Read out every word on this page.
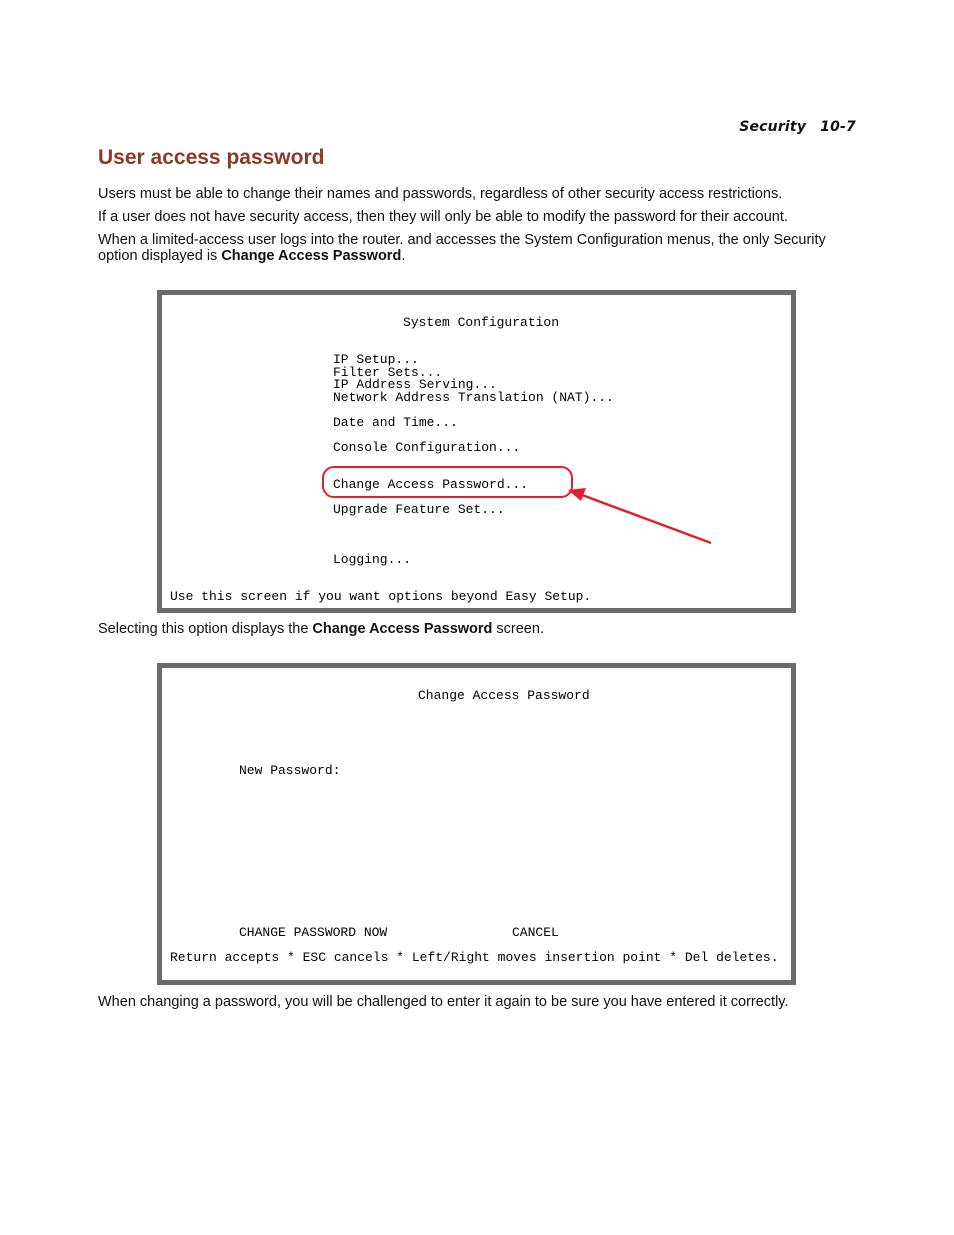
Security 10-7
User access password

Users must be able to change their names and passwords, regardless of other security access restrictions.

If a user does not have security access, then they will only be able to modify the password for their account.

When a limited-access user logs into the router. and accesses the System Configuration menus, the only Security option displayed is Change Access Password.

System Configuration
IP Setup...
Filter Sets...
IP Address Serving...
Network Address Translation (NAT)...
Date and Time...
Console Configuration...
Change Access Password...
Upgrade Feature Set...
Logging...
Use this screen if you want options beyond Easy Setup.

Selecting this option displays the Change Access Password screen.

Change Access Password
New Password:
CHANGE PASSWORD NOW	CANCEL
Return accepts * ESC cancels * Left/Right moves insertion point * Del deletes.

When changing a password, you will be challenged to enter it again to be sure you have entered it correctly.
